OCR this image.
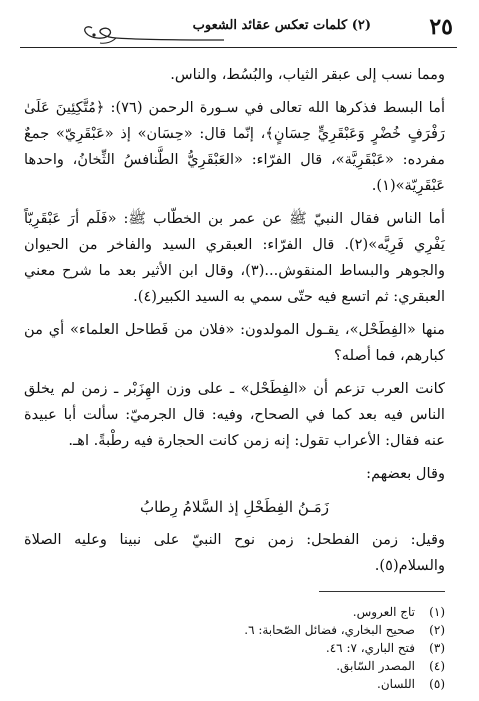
٢٥
(٢) كلمات تعكس عقائد الشعوب

ومما نسب إلى عبقر الثياب، والبُسُط، والناس.

أما البسط فذكرها الله تعالى في سـورة الرحمن (٧٦): ﴿مُتَّكِئِينَ عَلَىٰ رَفْرَفٍ خُضْرٍ وَعَبْقَرِيٍّ حِسَانٍ﴾، إنّما قال: «حِسَان» إذ «عَبْقَرِيّ» جمعٌ مفرده: «عَبْقَرِيَّة»، قال الفرّاء: «العَبْقَرِيُّ الطَّنافسُ الثِّخانُ، واحدها عَبْقَرِيّة»(١).

أما الناس فقال النبيّ ﷺ عن عمر بن الخطّاب ﷺ: «فَلَم أرَ عَبْقَرِيّاً يَفْرِي فَرِيَّه»(٢). قال الفرّاء: العبقري السيد والفاخر من الحيوان والجوهر والبساط المنقوش...(٣)، وقال ابن الأثير بعد ما شرح معني العبقري: ثم اتسع فيه حتّى سمي به السيد الكبير(٤).

منها «الفِطَحْل»، يقـول المولدون: «فلان من فَطاحل العلماء» أي من كبارهم، فما أصله؟

كانت العرب تزعم أن «الفِطَحْل» ـ على وزن الهِزَبْر ـ زمن لم يخلق الناس فيه بعد كما في الصحاح، وفيه: قال الجرميّ: سألت أبا عبيدة عنه فقال: الأعراب تقول: إنه زمن كانت الحجارة فيه رطْبةً. اهـ.

وقال بعضهم:

زَمَـنُ الفِطَحْلِ إذ السَّلامُ رِطابُ

وقيل: زمن الفطحل: زمن نوح النبيّ على نبينا وعليه الصلاة والسلام(٥).

(١)تاج العروس.
(٢)صحيح البخاري، فضائل الصّحابة: ٦.
(٣)فتح الباري، ٧: ٤٦.
(٤)المصدر السّابق.
(٥)اللسان.
